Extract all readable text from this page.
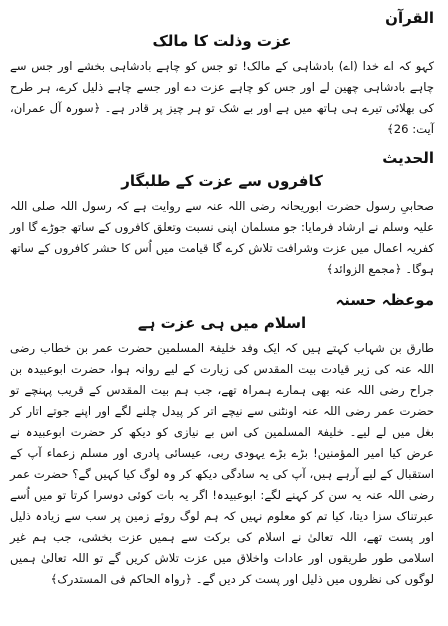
القرآن
عزت وذلت کا مالک

کہو کہ اے خدا (اے) بادشاہی کے مالک! تو جس کو چاہے بادشاہی بخشے اور جس سے چاہے بادشاہی چھین لے اور جس کو چاہے عزت دے اور جسے چاہے ذلیل کرے، ہر طرح کی بھلائی تیرے ہی ہاتھ میں ہے اور بے شک تو ہر چیز پر قادر ہے۔ ﴿سورہ آل عمران، آیت: 26﴾

الحدیث
کافروں سے عزت کے طلبگار

صحابیِ رسول حضرت ابوریحانہ رضی اللہ عنہ سے روایت ہے کہ رسول اللہ صلی اللہ علیہ وسلم نے ارشاد فرمایا: جو مسلمان اپنی نسبت وتعلق کافروں کے ساتھ جوڑے گا اور کفریہ اعمال میں عزت وشرافت تلاش کرے گا قیامت میں اُس کا حشر کافروں کے ساتھ ہوگا۔ ﴿مجمع الزوائد﴾

موعظہ حسنہ
اسلام میں ہی عزت ہے

طارق بن شہاب کہتے ہیں کہ ایک وفد خلیفۃ المسلمین حضرت عمر بن خطاب رضی اللہ عنہ کی زیر قیادت بیت المقدس کی زیارت کے لیے روانہ ہوا، حضرت ابوعبیدہ بن جراح رضی اللہ عنہ بھی ہمارے ہمراہ تھے، جب ہم بیت المقدس کے قریب پہنچے تو حضرت عمر رضی اللہ عنہ اونٹنی سے نیچے اتر کر پیدل چلنے لگے اور اپنے جوتے اتار کر بغل میں لے لیے۔ خلیفۃ المسلمین کی اس بے نیازی کو دیکھ کر حضرت ابوعبیدہ نے عرض کیا امیر المؤمنین! بڑے بڑے یہودی ربی، عیسائی پادری اور مسلم زعماء آپ کے استقبال کے لیے آرہے ہیں، آپ کی یہ سادگی دیکھ کر وہ لوگ کیا کہیں گے؟ حضرت عمر رضی اللہ عنہ یہ سن کر کہنے لگے: ابوعبیدہ! اگر یہ بات کوئی دوسرا کرتا تو میں اُسے عبرتناک سزا دیتا، کیا تم کو معلوم نہیں کہ ہم لوگ روئے زمین پر سب سے زیادہ ذلیل اور پست تھے، اللہ تعالیٰ نے اسلام کی برکت سے ہمیں عزت بخشی، جب ہم غیر اسلامی طور طریقوں اور عادات واخلاق میں عزت تلاش کریں گے تو اللہ تعالیٰ ہمیں لوگوں کی نظروں میں ذلیل اور پست کر دیں گے۔ ﴿رواہ الحاکم فی المستدرک﴾
